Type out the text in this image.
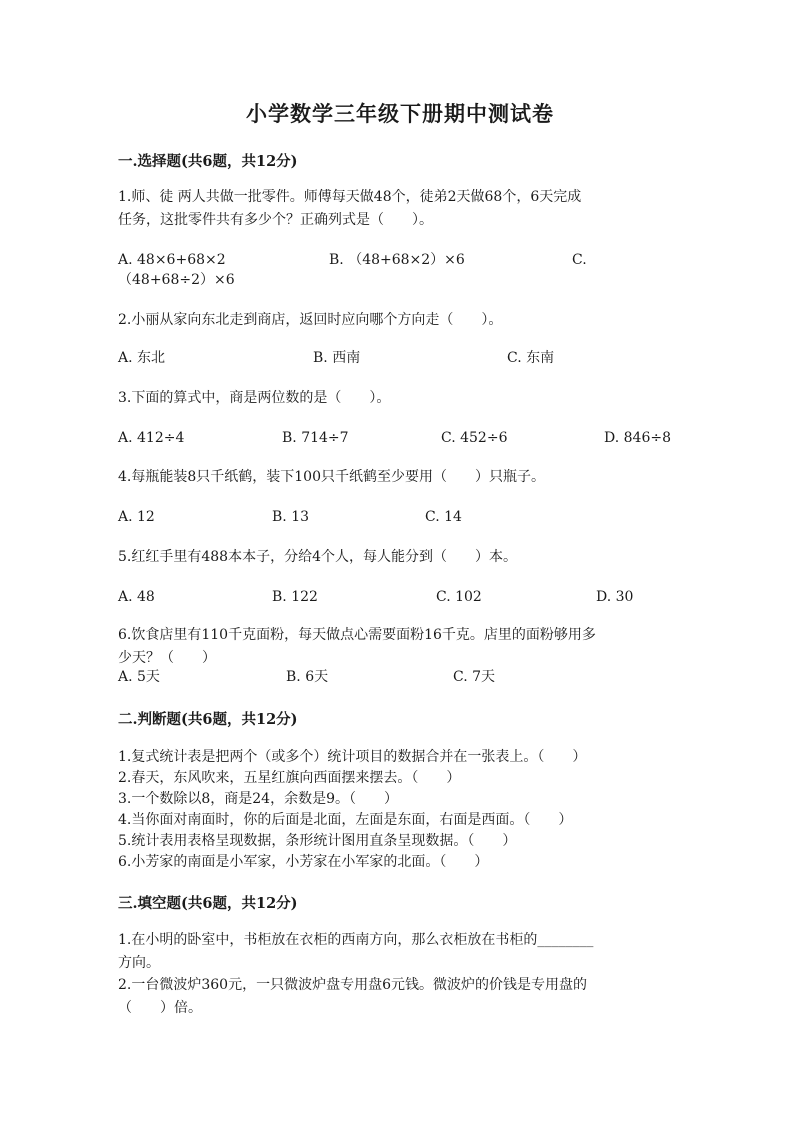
小学数学三年级下册期中测试卷
一.选择题(共6题，共12分)
1.师、徒 两人共做一批零件。师傅每天做48个，徒弟2天做68个，6天完成
任务，这批零件共有多少个？正确列式是（　　）。
A. 48×6+68×2	B. （48+68×2）×6	C.
（48+68÷2）×6
2.小丽从家向东北走到商店，返回时应向哪个方向走（　　）。
A. 东北	B. 西南	C. 东南
3.下面的算式中，商是两位数的是（　　）。
A. 412÷4	B. 714÷7	C. 452÷6	D. 846÷8
4.每瓶能装8只千纸鹤，装下100只千纸鹤至少要用（　　）只瓶子。
A. 12	B. 13	C. 14
5.红红手里有488本本子，分给4个人，每人能分到（　　）本。
A. 48	B. 122	C. 102	D. 30
6.饮食店里有110千克面粉，每天做点心需要面粉16千克。店里的面粉够用多
少天？（　　）
A. 5天	B. 6天	C. 7天
二.判断题(共6题，共12分)
1.复式统计表是把两个（或多个）统计项目的数据合并在一张表上。（　　）
2.春天，东风吹来，五星红旗向西面摆来摆去。（　　）
3.一个数除以8，商是24，余数是9。（　　）
4.当你面对南面时，你的后面是北面，左面是东面，右面是西面。（　　）
5.统计表用表格呈现数据，条形统计图用直条呈现数据。（　　）
6.小芳家的南面是小军家，小芳家在小军家的北面。（　　）
三.填空题(共6题，共12分)
1.在小明的卧室中，书柜放在衣柜的西南方向，那么衣柜放在书柜的________
方向。
2.一台微波炉360元，一只微波炉盘专用盘6元钱。微波炉的价钱是专用盘的
（　　）倍。
